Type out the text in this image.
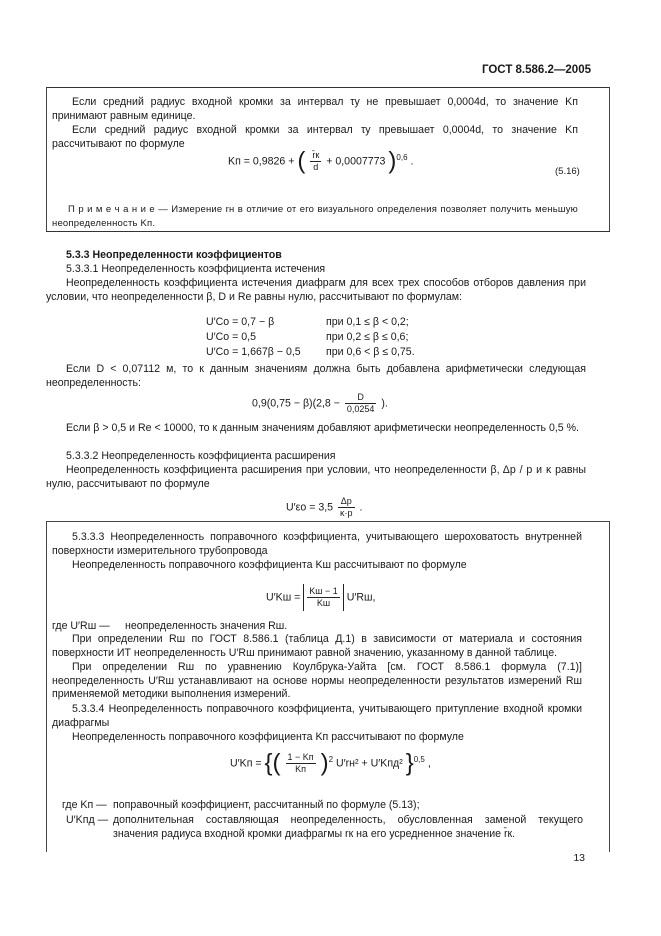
ГОСТ 8.586.2—2005
Если средний радиус входной кромки за интервал τy не превышает 0,0004d, то значение Kп принимают равным единице.
Если средний радиус входной кромки за интервал τy превышает 0,0004d, то значение Kп рассчитывают по формуле
Kп = 0,9826 + ( $\frac{r̄к}{d} + 0,0007773$ )$^{0,6}$ .
(5.16)
П р и м е ч а н и е — Измерение rн в отличие от его визуального определения позволяет получить меньшую неопределенность Kп.
5.3.3 Неопределенности коэффициентов
5.3.3.1 Неопределенность коэффициента истечения
Неопределенность коэффициента истечения диафрагм для всех трех способов отборов давления при условии, что неопределенности β, D и Re равны нулю, рассчитывают по формулам:
U′Cо = 0,7 − β	при 0,1 ≤ β < 0,2;
U′Cо = 0,5	при 0,2 ≤ β ≤ 0,6;
U′Cо = 1,667β − 0,5 при 0,6 < β ≤ 0,75.
Если D < 0,07112 м, то к данным значениям должна быть добавлена арифметически следующая неопределенность:
$0,9(0,75 - \beta)(2,8 - \frac{D}{0,0254}$ ).
Если β > 0,5 и Re < 10000, то к данным значениям добавляют арифметически неопределенность 0,5 %.
5.3.3.2 Неопределенность коэффициента расширения
Неопределенность коэффициента расширения при условии, что неопределенности β, Δp / p и κ равны нулю, рассчитывают по формуле
$U'\varepsilon о = 3,5 \frac{\Delta p}{\kappa\cdot p}$ .
5.3.3.3 Неопределенность поправочного коэффициента, учитывающего шероховатость внутренней поверхности измерительного трубопровода
Неопределенность поправочного коэффициента Kш рассчитывают по формуле
$U'Kш = \frac{Kш - 1}{Kш} U'Rш$,
где U′Rш — неопределенность значения Rш.
При определении Rш по ГОСТ 8.586.1 (таблица Д.1) в зависимости от материала и состояния поверхности ИТ неопределенность U′Rш принимают равной значению, указанному в данной таблице.
При определении Rш по уравнению Коулбрука-Уайта [см. ГОСТ 8.586.1 формула (7.1)] неопределенность U′Rш устанавливают на основе нормы неопределенности результатов измерений Rш применяемой методики выполнения измерений.
5.3.3.4 Неопределенность поправочного коэффициента, учитывающего притупление входной кромки диафрагмы
Неопределенность поправочного коэффициента Kп рассчитывают по формуле
U′Kп = {( $\frac{1 - Kп}{Kп} )^2$ U′rн² + U′Kпд² }$^{0,5}$ ,
где Kп — поправочный коэффициент, рассчитанный по формуле (5.13);
U′Kпд — дополнительная составляющая неопределенность, обусловленная заменой текущего значения радиуса входной кромки диафрагмы rк на его усредненное значение r̄к.
13
